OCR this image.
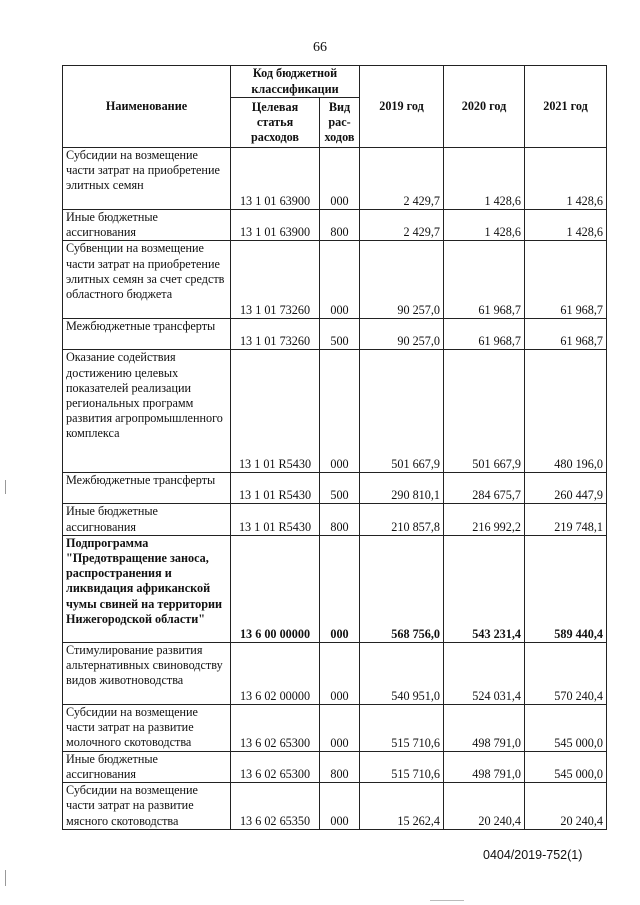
66
Наименование	Код бюджетной классификации		2019 год	2020 год	2021 год
	Целевая статья расходов	Вид рас-ходов			
Субсидии на возмещение части затрат на приобретение элитных семян	13 1 01 63900	000	2 429,7	1 428,6	1 428,6
Иные бюджетные ассигнования	13 1 01 63900	800	2 429,7	1 428,6	1 428,6
Субвенции на возмещение части затрат на приобретение элитных семян за счет средств областного бюджета	13 1 01 73260	000	90 257,0	61 968,7	61 968,7
Межбюджетные трансферты	13 1 01 73260	500	90 257,0	61 968,7	61 968,7
Оказание содействия достижению целевых показателей реализации региональных программ развития агропромышленного комплекса	13 1 01 R5430	000	501 667,9	501 667,9	480 196,0
Межбюджетные трансферты	13 1 01 R5430	500	290 810,1	284 675,7	260 447,9
Иные бюджетные ассигнования	13 1 01 R5430	800	210 857,8	216 992,2	219 748,1
Подпрограмма "Предотвращение заноса, распространения и ликвидация африканской чумы свиней на территории Нижегородской области"	13 6 00 00000	000	568 756,0	543 231,4	589 440,4
Стимулирование развития альтернативных свиноводству видов животноводства	13 6 02 00000	000	540 951,0	524 031,4	570 240,4
Субсидии на возмещение части затрат на развитие молочного скотоводства	13 6 02 65300	000	515 710,6	498 791,0	545 000,0
Иные бюджетные ассигнования	13 6 02 65300	800	515 710,6	498 791,0	545 000,0
Субсидии на возмещение части затрат на развитие мясного скотоводства	13 6 02 65350	000	15 262,4	20 240,4	20 240,4
0404/2019-752(1)
